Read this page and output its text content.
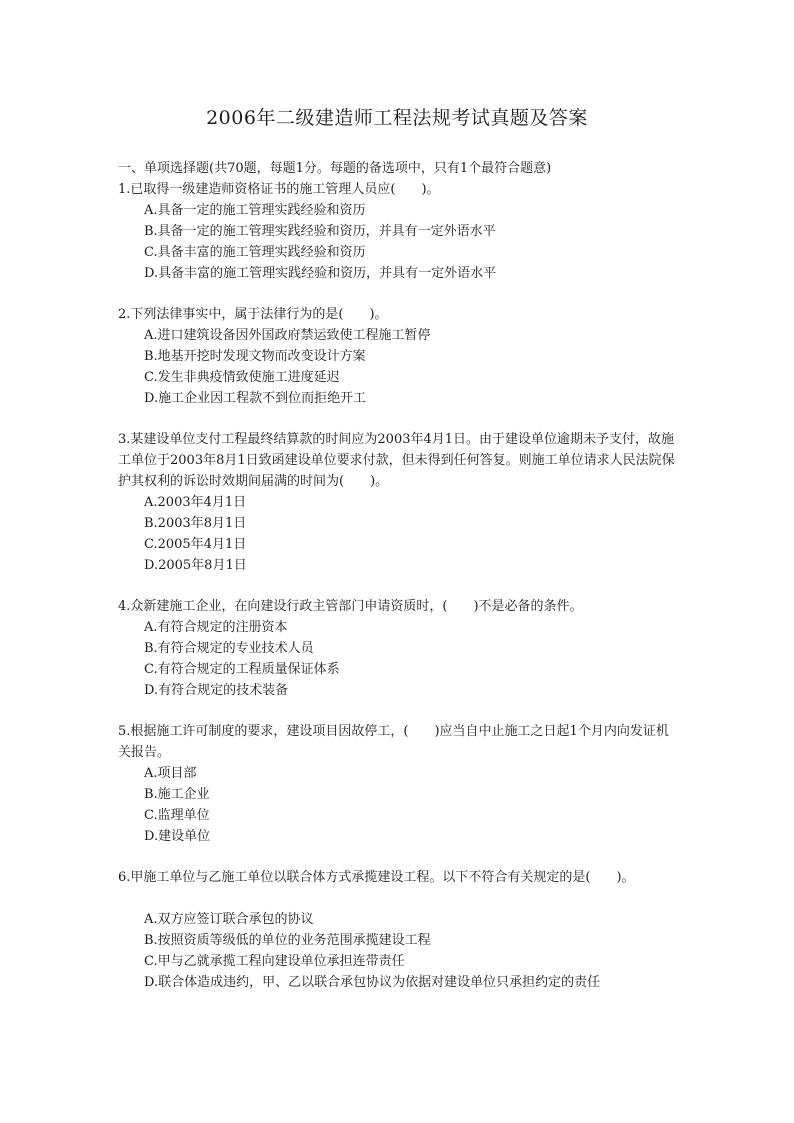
2006年二级建造师工程法规考试真题及答案
一、单项选择题(共70题，每题1分。每题的备选项中，只有1个最符合题意)
1.已取得一级建造师资格证书的施工管理人员应(　　)。
A.具备一定的施工管理实践经验和资历
B.具备一定的施工管理实践经验和资历，并具有一定外语水平
C.具备丰富的施工管理实践经验和资历
D.具备丰富的施工管理实践经验和资历，并具有一定外语水平
2.下列法律事实中，属于法律行为的是(　　)。
A.进口建筑设备因外国政府禁运致使工程施工暂停
B.地基开挖时发现文物而改变设计方案
C.发生非典疫情致使施工进度延迟
D.施工企业因工程款不到位而拒绝开工
3.某建设单位支付工程最终结算款的时间应为2003年4月1日。由于建设单位逾期未予支付，故施工单位于2003年8月1日致函建设单位要求付款，但未得到任何答复。则施工单位请求人民法院保护其权利的诉讼时效期间届满的时间为(　　)。
A.2003年4月1日
B.2003年8月1日
C.2005年4月1日
D.2005年8月1日
4.众新建施工企业，在向建设行政主管部门申请资质时，(　　)不是必备的条件。
A.有符合规定的注册资本
B.有符合规定的专业技术人员
C.有符合规定的工程质量保证体系
D.有符合规定的技术装备
5.根据施工许可制度的要求，建设项目因故停工，(　　)应当自中止施工之日起1个月内向发证机关报告。
A.项目部
B.施工企业
C.监理单位
D.建设单位
6.甲施工单位与乙施工单位以联合体方式承揽建设工程。以下不符合有关规定的是(　　)。
A.双方应签订联合承包的协议
B.按照资质等级低的单位的业务范围承揽建设工程
C.甲与乙就承揽工程向建设单位承担连带责任
D.联合体造成违约，甲、乙以联合承包协议为依据对建设单位只承担约定的责任
